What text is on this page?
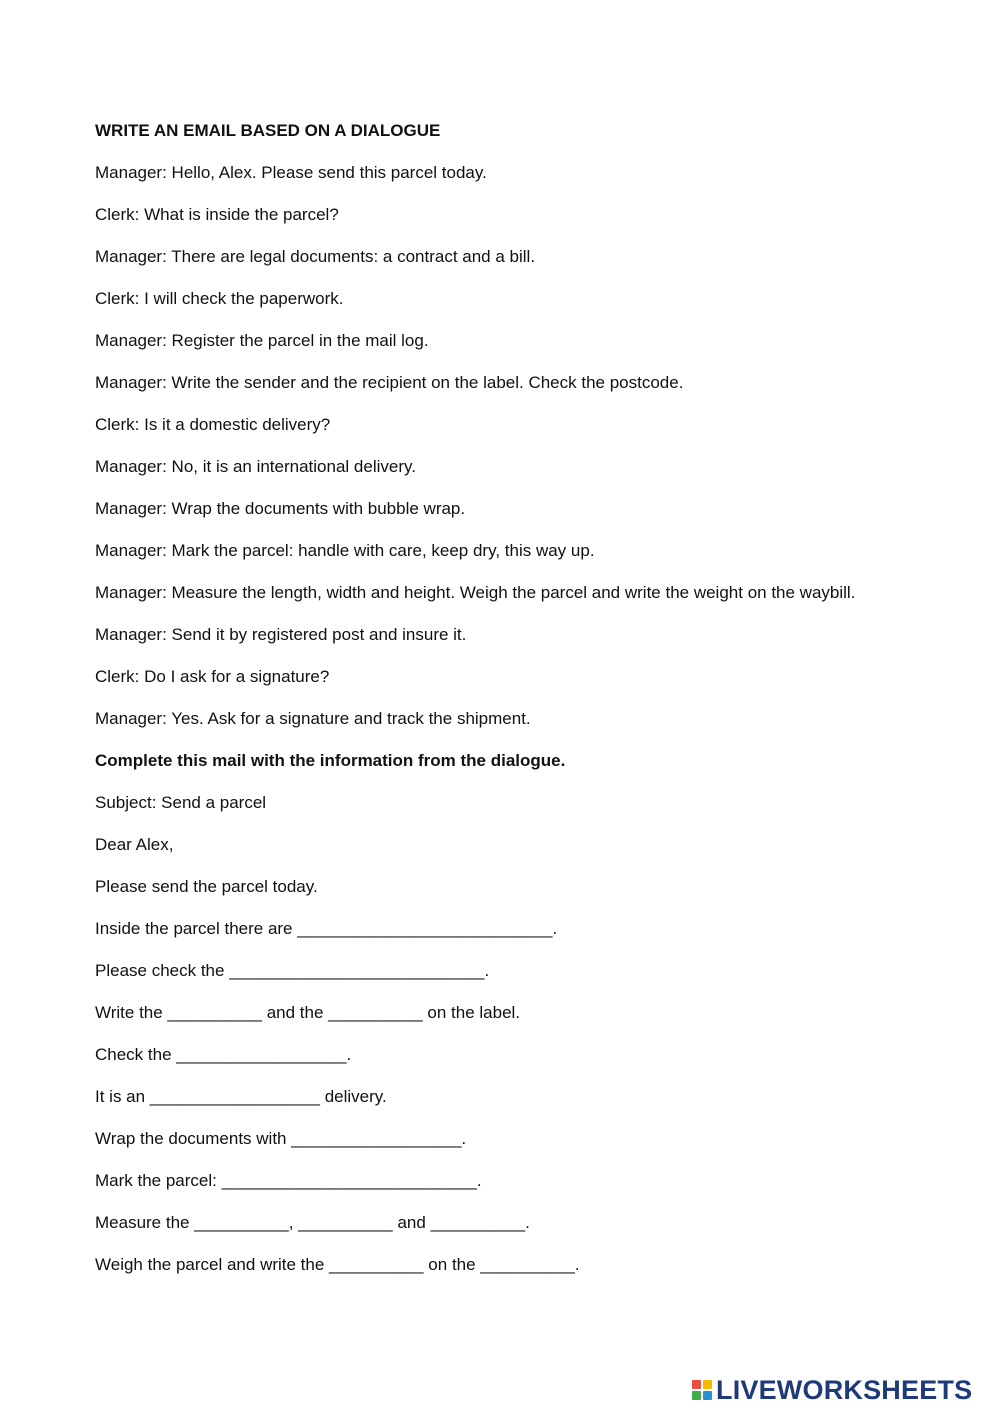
WRITE AN EMAIL BASED ON A DIALOGUE
Manager: Hello, Alex. Please send this parcel today.
Clerk: What is inside the parcel?
Manager: There are legal documents: a contract and a bill.
Clerk: I will check the paperwork.
Manager: Register the parcel in the mail log.
Manager: Write the sender and the recipient on the label. Check the postcode.
Clerk: Is it a domestic delivery?
Manager: No, it is an international delivery.
Manager: Wrap the documents with bubble wrap.
Manager: Mark the parcel: handle with care, keep dry, this way up.
Manager: Measure the length, width and height. Weigh the parcel and write the weight on the waybill.
Manager: Send it by registered post and insure it.
Clerk: Do I ask for a signature?
Manager: Yes. Ask for a signature and track the shipment.
Complete this mail with the information from the dialogue.
Subject: Send a parcel
Dear Alex,
Please send the parcel today.
Inside the parcel there are ___________________________.
Please check the ___________________________.
Write the __________ and the __________ on the label.
Check the __________________.
It is an __________________ delivery.
Wrap the documents with __________________.
Mark the parcel: ___________________________.
Measure the __________, __________ and __________.
Weigh the parcel and write the __________ on the __________.
LIVEWORKSHEETS
